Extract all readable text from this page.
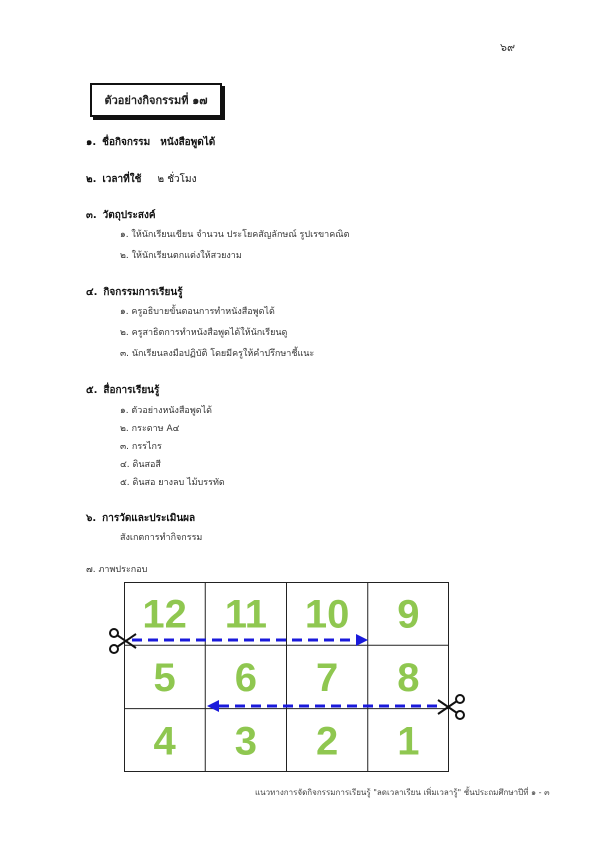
๖๙
ตัวอย่างกิจกรรมที่ ๑๗
๑. ชื่อกิจกรรม หนังสือพูดได้
๒. เวลาที่ใช้ ๒ ชั่วโมง
๓. วัตถุประสงค์
๑. ให้นักเรียนเขียน จำนวน ประโยคสัญลักษณ์ รูปเรขาคณิต
๒. ให้นักเรียนตกแต่งให้สวยงาม
๔. กิจกรรมการเรียนรู้
๑. ครูอธิบายขั้นตอนการทำหนังสือพูดได้
๒. ครูสาธิตการทำหนังสือพูดได้ให้นักเรียนดู
๓. นักเรียนลงมือปฏิบัติ โดยมีครูให้คำปรึกษาชี้แนะ
๕. สื่อการเรียนรู้
๑. ตัวอย่างหนังสือพูดได้
๒. กระดาษ A๔
๓. กรรไกร
๔. ดินสอสี
๕. ดินสอ ยางลบ ไม้บรรทัด
๖. การวัดและประเมินผล
สังเกตการทำกิจกรรม
๗. ภาพประกอบ
12 11 10 9
5 6 7 8
4 3 2 1
แนวทางการจัดกิจกรรมการเรียนรู้ "ลดเวลาเรียน เพิ่มเวลารู้" ชั้นประถมศึกษาปีที่ ๑ - ๓
